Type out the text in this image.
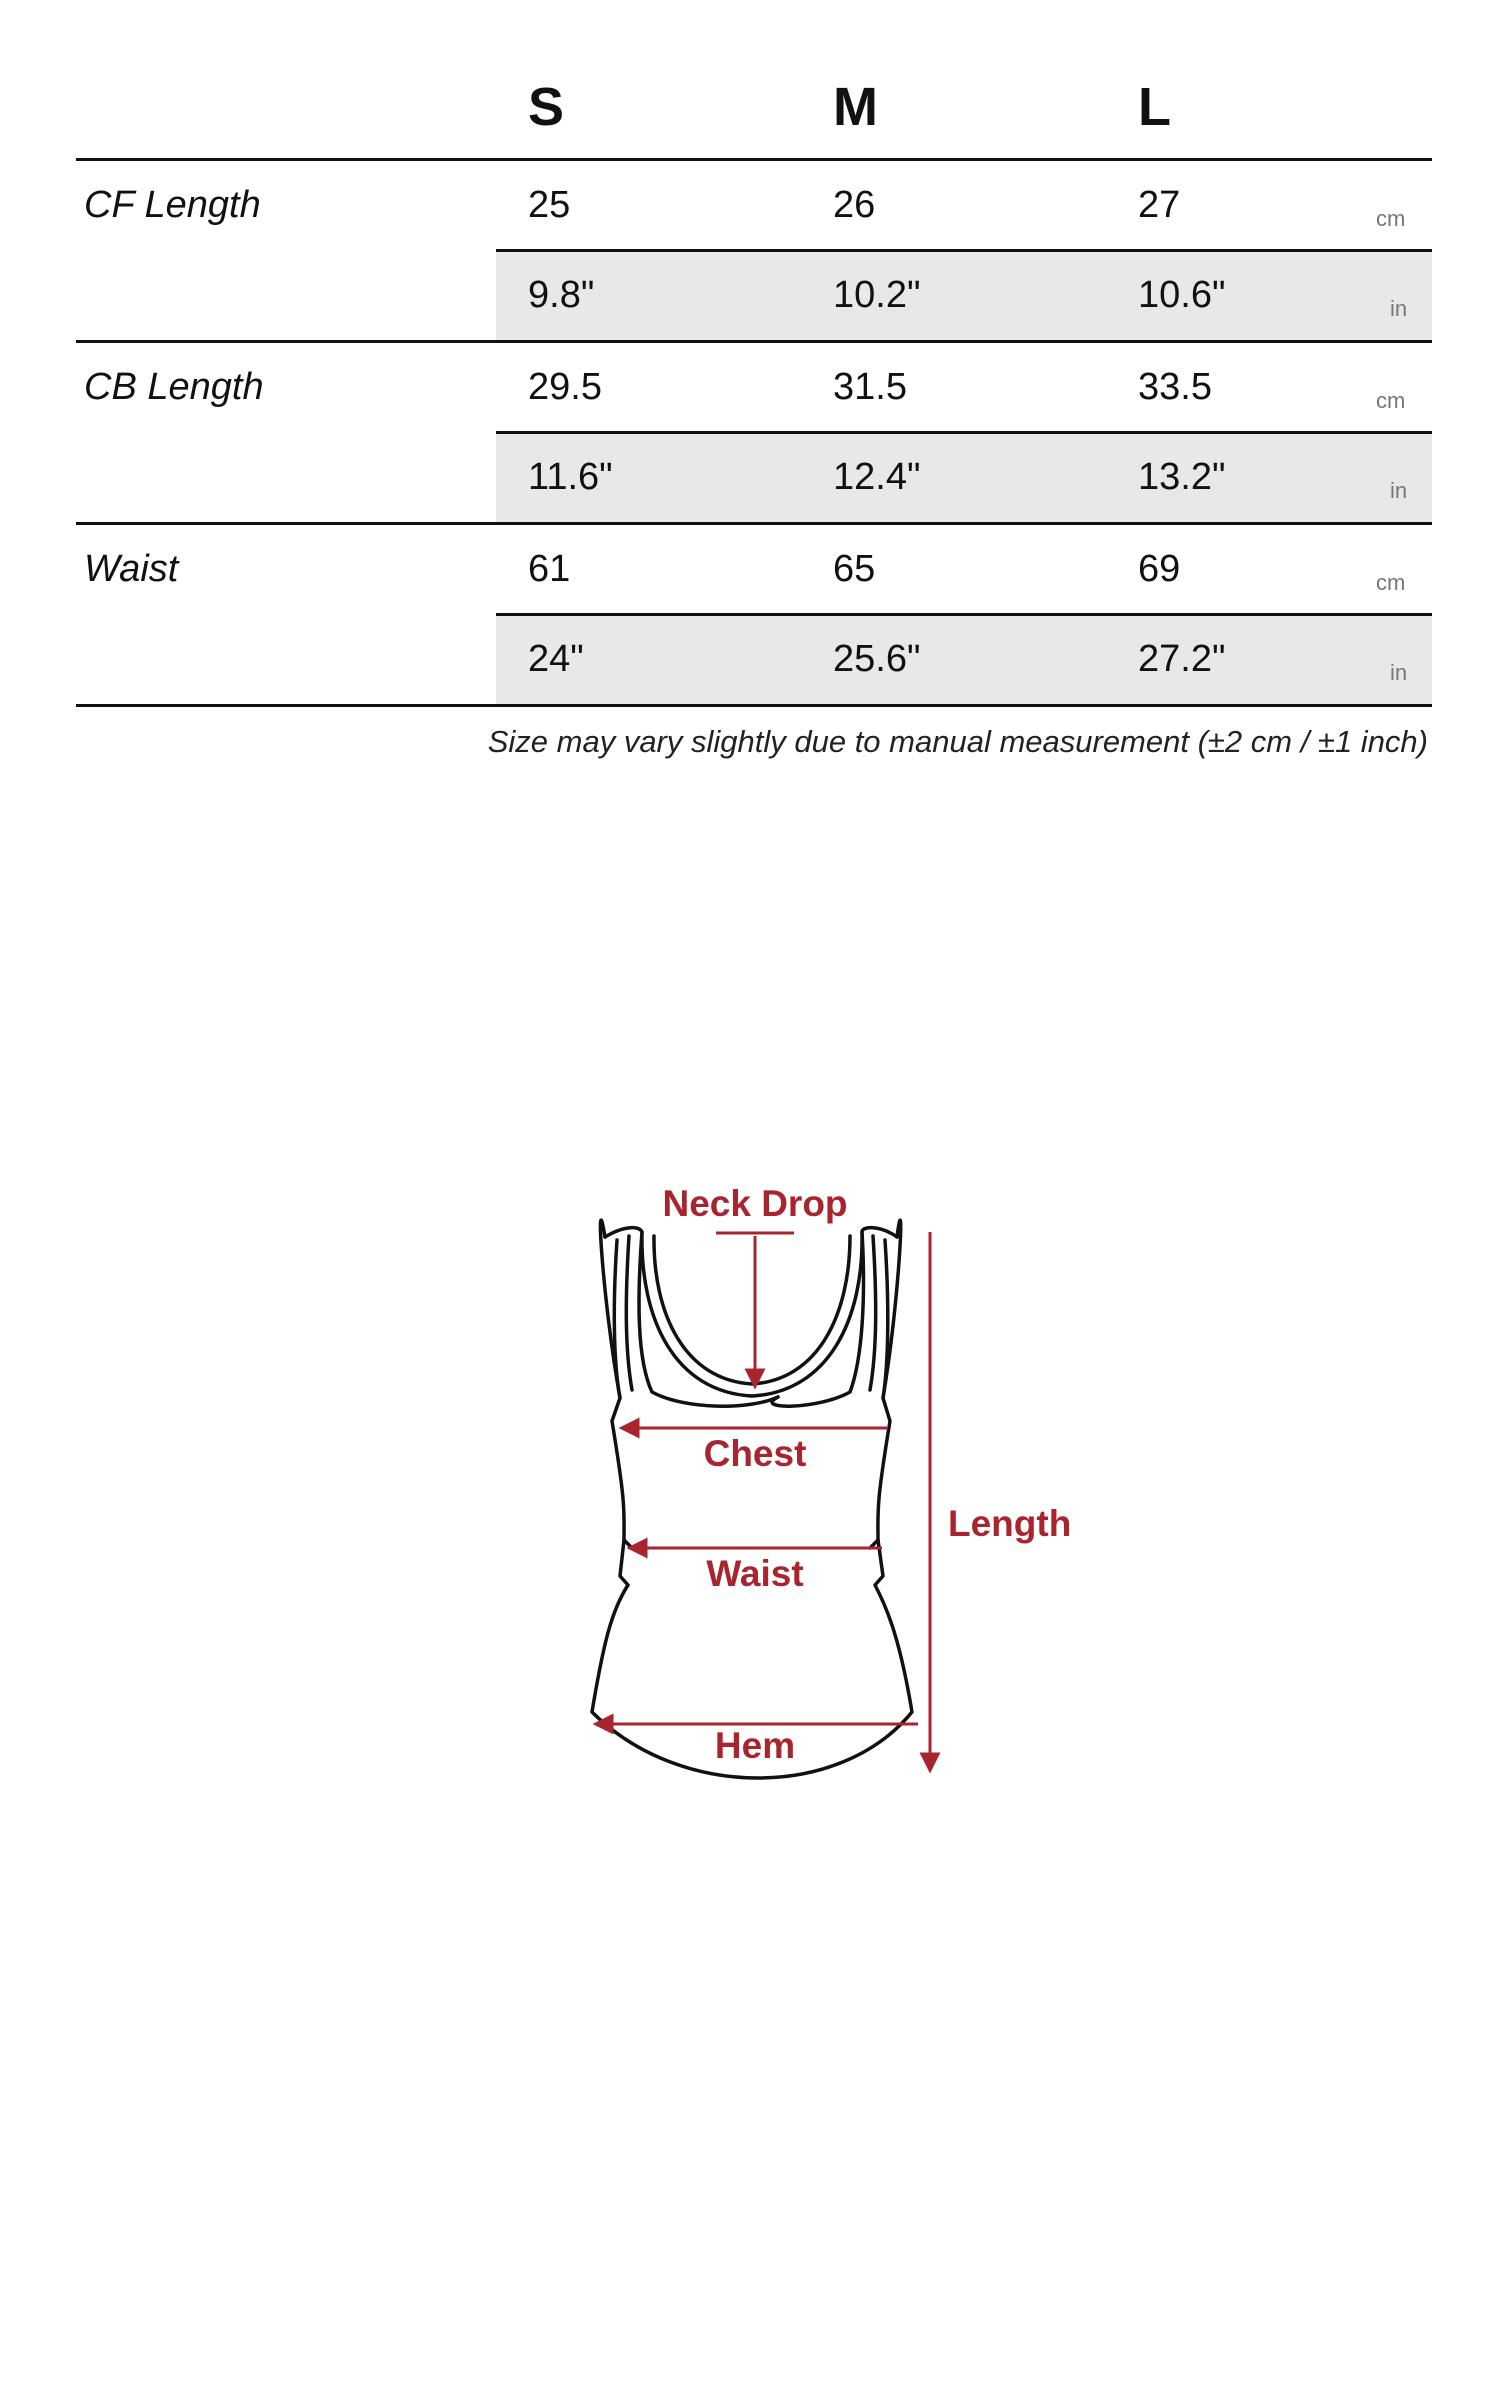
S	M	L
CF Length	25	26	27	cm
9.8"	10.2"	10.6"	in
CB Length	29.5	31.5	33.5	cm
11.6"	12.4"	13.2"	in
Waist	61	65	69	cm
24"	25.6"	27.2"	in
Size may vary slightly due to manual measurement (±2 cm / ±1 inch)
Neck Drop
Chest
Waist
Hem
Length
